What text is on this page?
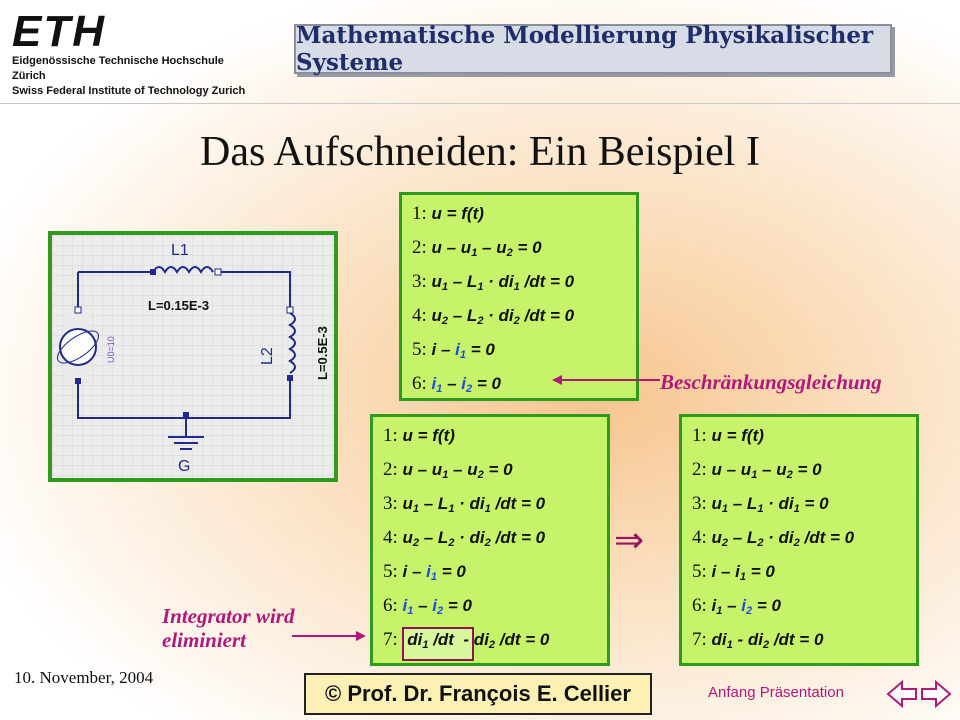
ETH
Eidgenössische Technische Hochschule Zürich
Swiss Federal Institute of Technology Zurich
Mathematische Modellierung Physikalischer Systeme
Das Aufschneiden: Ein Beispiel I
L1
L=0.15E-3
L2	L=0.5E-3
U0=10
G
1: u = f(t)
2: $u - u_1 - u_2 = 0$
3: $u_1 - L_1 \cdot di_1$ /dt = 0
4: $u_2 - L_2 \cdot di_2$ /dt = 0
5: $i - i_1 = 0$
6: $i_1 - i_2 = 0$	Beschränkungsgleichung
1: u = f(t)
2: $u - u_1 - u_2 = 0$
3: $u_1 - L_1 \cdot di_1$ /dt = 0
4: $u_2 - L_2 \cdot di_2$ /dt = 0
5: $i - i_1 = 0$
6: $i_1 - i_2 = 0$
7: $di_1$ $/dt - di_2$ /dt = 0
Integrator wird
eliminiert
⇒
1: u = f(t)
2: $u - u_1 - u_2 = 0$
3: $u_1 - L_1 \cdot di_1 = 0$
4: $u_2 - L_2 \cdot di_2$ /dt = 0
5: $i - i_1 = 0$
6: $i_1 - i_2 = 0$
7: $di_1 - di_2$ /dt = 0
10. November, 2004
© Prof. Dr. François E. Cellier	Anfang Präsentation
